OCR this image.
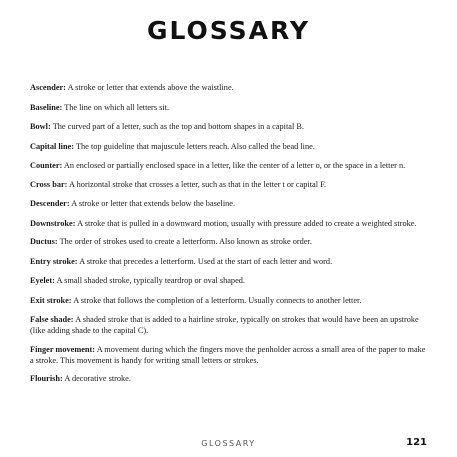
GLOSSARY

Ascender: A stroke or letter that extends above the waistline.

Baseline: The line on which all letters sit.

Bowl: The curved part of a letter, such as the top and bottom shapes in a capital B.

Capital line: The top guideline that majuscule letters reach. Also called the bead line.

Counter: An enclosed or partially enclosed space in a letter, like the center of a letter o, or the space in a letter n.

Cross bar: A horizontal stroke that crosses a letter, such as that in the letter t or capital F.

Descender: A stroke or letter that extends below the baseline.

Downstroke: A stroke that is pulled in a downward motion, usually with pressure added to create a weighted stroke.

Ductus: The order of strokes used to create a letterform. Also known as stroke order.

Entry stroke: A stroke that precedes a letterform. Used at the start of each letter and word.

Eyelet: A small shaded stroke, typically teardrop or oval shaped.

Exit stroke: A stroke that follows the completion of a letterform. Usually connects to another letter.

False shade: A shaded stroke that is added to a hairline stroke, typically on strokes that would have been an upstroke (like adding shade to the capital C).

Finger movement: A movement during which the fingers move the penholder across a small area of the paper to make a stroke. This movement is handy for writing small letters or strokes.

Flourish: A decorative stroke.

GLOSSARY	121
